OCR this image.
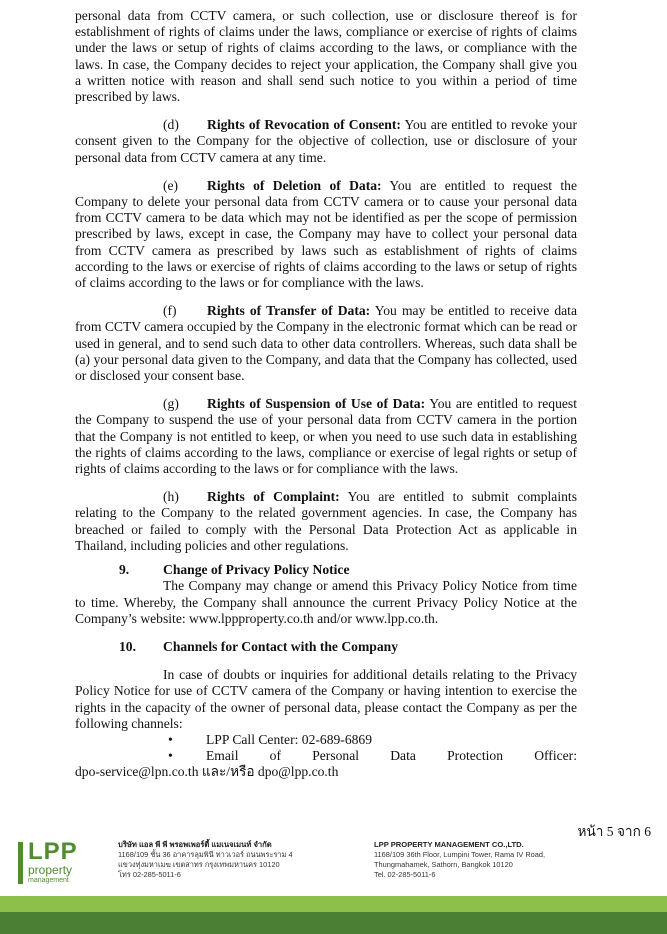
personal data from CCTV camera, or such collection, use or disclosure thereof is for establishment of rights of claims under the laws, compliance or exercise of rights of claims under the laws or setup of rights of claims according to the laws, or compliance with the laws. In case, the Company decides to reject your application, the Company shall give you a written notice with reason and shall send such notice to you within a period of time prescribed by laws.

(d) Rights of Revocation of Consent: You are entitled to revoke your consent given to the Company for the objective of collection, use or disclosure of your personal data from CCTV camera at any time.

(e) Rights of Deletion of Data: You are entitled to request the Company to delete your personal data from CCTV camera or to cause your personal data from CCTV camera to be data which may not be identified as per the scope of permission prescribed by laws, except in case, the Company may have to collect your personal data from CCTV camera as prescribed by laws such as establishment of rights of claims according to the laws or exercise of rights of claims according to the laws or setup of rights of claims according to the laws or for compliance with the laws.

(f) Rights of Transfer of Data: You may be entitled to receive data from CCTV camera occupied by the Company in the electronic format which can be read or used in general, and to send such data to other data controllers. Whereas, such data shall be (a) your personal data given to the Company, and data that the Company has collected, used or disclosed your consent base.

(g) Rights of Suspension of Use of Data: You are entitled to request the Company to suspend the use of your personal data from CCTV camera in the portion that the Company is not entitled to keep, or when you need to use such data in establishing the rights of claims according to the laws, compliance or exercise of legal rights or setup of rights of claims according to the laws or for compliance with the laws.

(h) Rights of Complaint: You are entitled to submit complaints relating to the Company to the related government agencies. In case, the Company has breached or failed to comply with the Personal Data Protection Act as applicable in Thailand, including policies and other regulations.

9. Change of Privacy Policy Notice

The Company may change or amend this Privacy Policy Notice from time to time. Whereby, the Company shall announce the current Privacy Policy Notice at the Company’s website: www.lppproperty.co.th and/or www.lpp.co.th.

10. Channels for Contact with the Company

In case of doubts or inquiries for additional details relating to the Privacy Policy Notice for use of CCTV camera of the Company or having intention to exercise the rights in the capacity of the owner of personal data, please contact the Company as per the following channels:

• LPP Call Center: 02-689-6869

• Email of Personal Data Protection Officer:

dpo-service@lpn.co.th และ/หรือ dpo@lpp.co.th

หน้า 5 จาก 6
LPP
property
management
บริษัท แอล พี พี พรอพเพอร์ตี้ แมเนจเมนท์ จำกัด
1168/109 ชั้น 36 อาคารลุมพินี ทาวเวอร์ ถนนพระราม 4
แขวงทุ่งมหาเมฆ เขตสาทร กรุงเทพมหานคร 10120
โทร 02-285-5011-6
LPP PROPERTY MANAGEMENT CO.,LTD.
1168/109 36th Floor, Lumpini Tower, Rama IV Road,
Thungmahamek, Sathorn, Bangkok 10120
Tel. 02-285-5011-6
